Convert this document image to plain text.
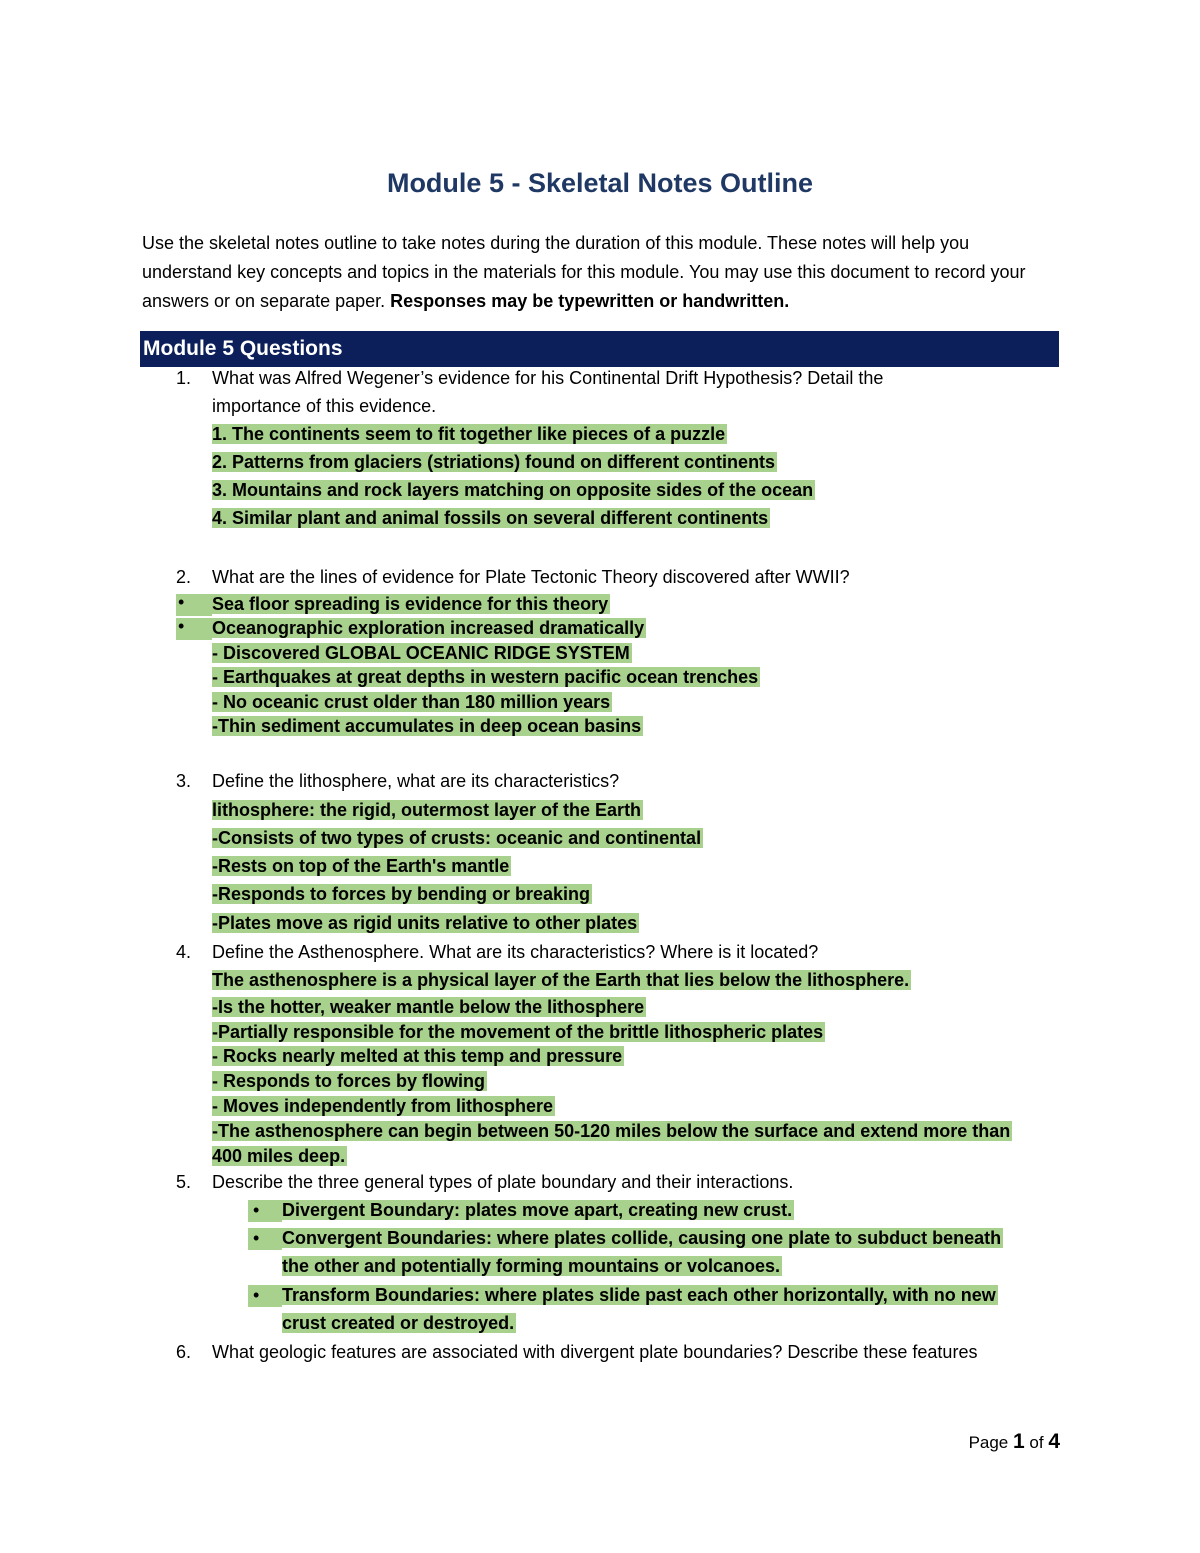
Module 5 - Skeletal Notes Outline
Use the skeletal notes outline to take notes during the duration of this module. These notes will help you understand key concepts and topics in the materials for this module. You may use this document to record your answers or on separate paper. Responses may be typewritten or handwritten.
Module 5 Questions
1. What was Alfred Wegener’s evidence for his Continental Drift Hypothesis? Detail the
importance of this evidence.
1. The continents seem to fit together like pieces of a puzzle
2. Patterns from glaciers (striations) found on different continents
3. Mountains and rock layers matching on opposite sides of the ocean
4. Similar plant and animal fossils on several different continents
2. What are the lines of evidence for Plate Tectonic Theory discovered after WWII?
• Sea floor spreading is evidence for this theory
• Oceanographic exploration increased dramatically
- Discovered GLOBAL OCEANIC RIDGE SYSTEM
- Earthquakes at great depths in western pacific ocean trenches
- No oceanic crust older than 180 million years
-Thin sediment accumulates in deep ocean basins
3. Define the lithosphere, what are its characteristics?
lithosphere: the rigid, outermost layer of the Earth
-Consists of two types of crusts: oceanic and continental
-Rests on top of the Earth's mantle
-Responds to forces by bending or breaking
-Plates move as rigid units relative to other plates
4. Define the Asthenosphere. What are its characteristics? Where is it located?
The asthenosphere is a physical layer of the Earth that lies below the lithosphere.
-Is the hotter, weaker mantle below the lithosphere
-Partially responsible for the movement of the brittle lithospheric plates
- Rocks nearly melted at this temp and pressure
- Responds to forces by flowing
- Moves independently from lithosphere
-The asthenosphere can begin between 50-120 miles below the surface and extend more than
400 miles deep.
5. Describe the three general types of plate boundary and their interactions.
•	Divergent Boundary: plates move apart, creating new crust.
•	Convergent Boundaries: where plates collide, causing one plate to subduct beneath
the other and potentially forming mountains or volcanoes.
•	Transform Boundaries: where plates slide past each other horizontally, with no new
crust created or destroyed.
6. What geologic features are associated with divergent plate boundaries? Describe these features
Page 1 of 4
